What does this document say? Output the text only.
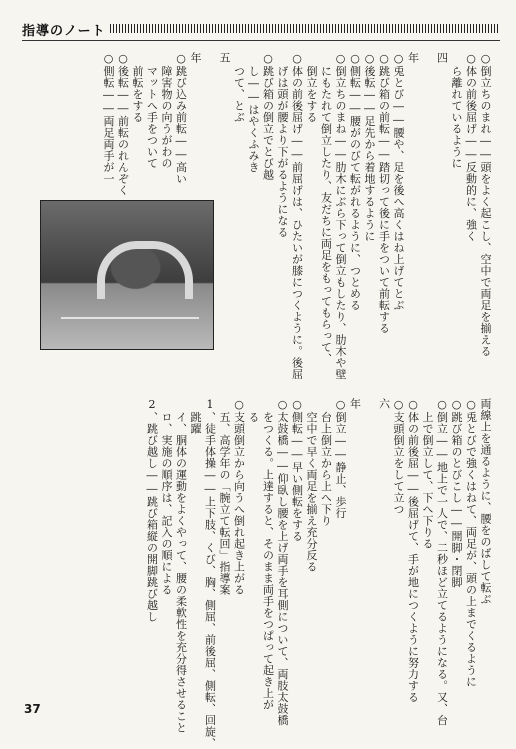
指導のノート
○倒立ちのまれ――頭をよく起こし、空中で両足を揃える
○体の前後屈げ――反動的に、強く
ら離れているように
四

年
○兎とび――腰や、足を後へ高くはね上げてとぶ
○跳び箱の前転――踏切って後に手をついて前転する
○後転――足先から着地するように
○側転――腰がのびて転がれるように、つとめる
○倒立ちのまね――肋木にぶら下って倒立もしたり、肋木や壁
にもたれて倒立したり、友だちに両足をもってもらって、
倒立をする
○体の前後屈げ――前屈げは、ひたいが膝につくように。後屈
げは頭が腰より下がるようになる
○跳び箱の倒立でとび越
し――はやくふみき
つて、とぶ
五

年
○跳び込み前転――高い
障害物の向うがわの
マットへ手をついて
前転をする
○後転――前転のれんぞく
○側転――両足両手が一
両線上を通るように、腰をのばして転ぶ
○兎とびで強くはねて、両足が、頭の上までくるように
○跳び箱のとびこし――開脚・閉脚
○倒立――地上で一人で、二秒ほど立てるようになる。又、台
上で倒立して、下へ下りる
○体の前後屈――後屈げて、手が地につくように努力する
○支頭倒立をして立つ
六

年
○倒立――静止、歩行
台上倒立から上へ下り
空中で早く両足を揃え充分反る
○側転――早い側転をする
○太鼓橋――仰臥し腰を上げ両手を耳側について、両肢太鼓橋
をつくる。上達すると、そのまま両手をつぱって起き上が
る
○支頭倒立から向うへ倒れ起き上がる
五、高学年の「腕立て転回」指導案
1、徒手体操――上下肢、くび、胸、側屈、前後屈、側転、回旋、
跳躍
イ、胴体の運動をよくやって、腰の柔軟性を充分得させること
ロ、実施の順序は、記入の順による
2、跳び越し――跳び箱縦の開脚跳び越し
37
